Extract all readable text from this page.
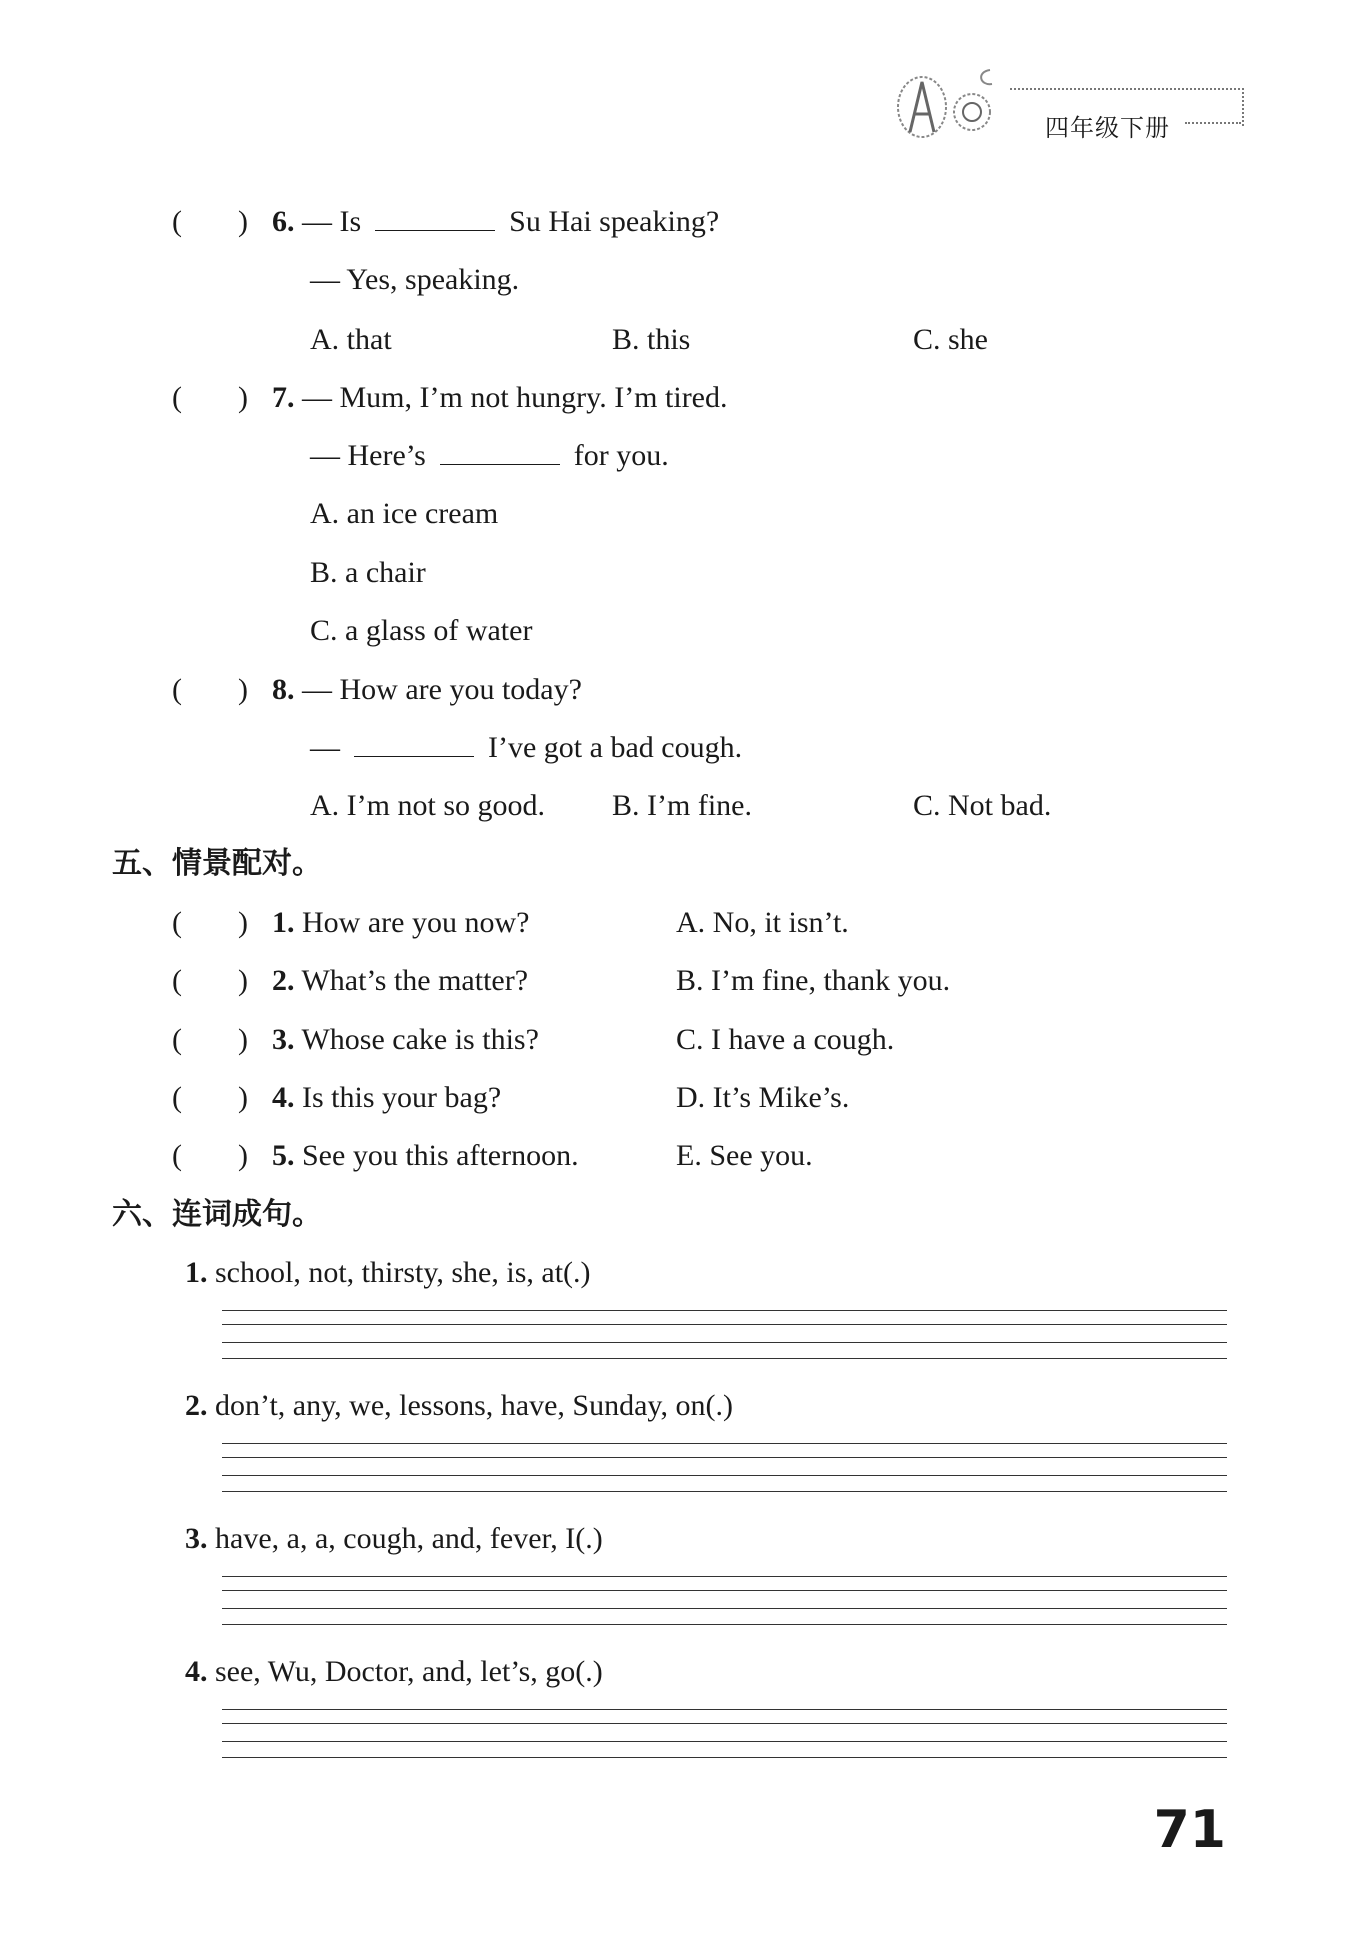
四年级下册
( ) 6. — Is	Su Hai speaking?
— Yes, speaking.
A. that	B. this	C. she
( ) 7. — Mum, I’m not hungry. I’m tired.
— Here’s	for you.
A. an ice cream
B. a chair
C. a glass of water
( ) 8. — How are you today?
—	I’ve got a bad cough.
A. I’m not so good. B. I’m fine.	C. Not bad.
五、情景配对。
( ) 1. How are you now?	A. No, it isn’t.
( ) 2. What’s the matter?	B. I’m fine, thank you.
( ) 3. Whose cake is this?	C. I have a cough.
( ) 4. Is this your bag?	D. It’s Mike’s.
( ) 5. See you this afternoon.	E. See you.
六、连词成句。
1. school, not, thirsty, she, is, at(.)
2. don’t, any, we, lessons, have, Sunday, on(.)
3. have, a, a, cough, and, fever, I(.)
4. see, Wu, Doctor, and, let’s, go(.)
71
